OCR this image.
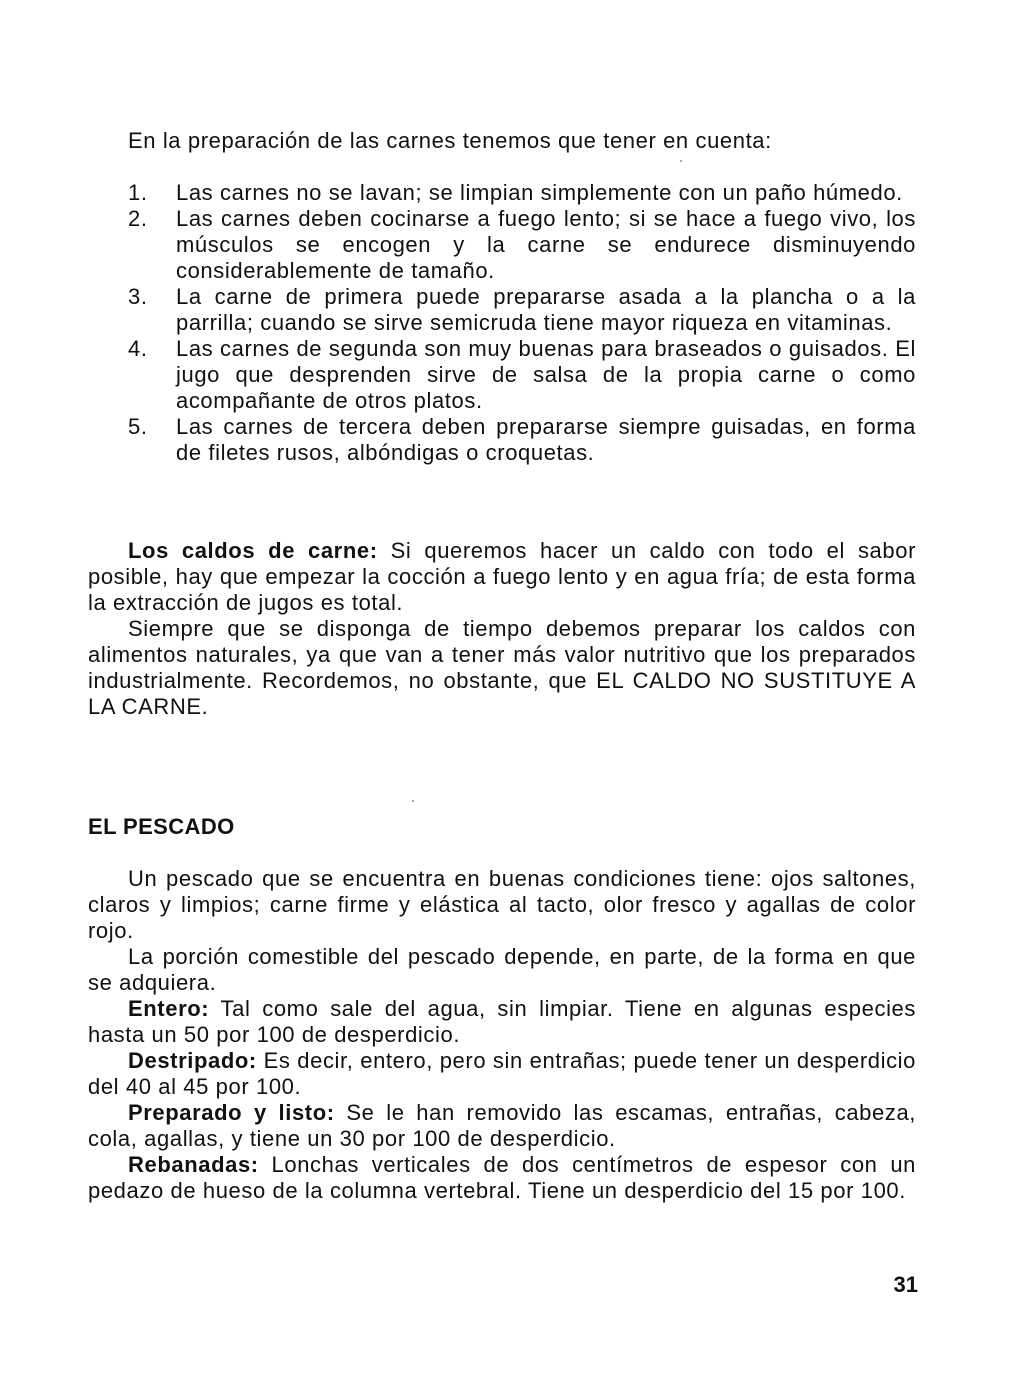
En la preparación de las carnes tenemos que tener en cuenta:
1. Las carnes no se lavan; se limpian simplemente con un paño húmedo.
2. Las carnes deben cocinarse a fuego lento; si se hace a fuego vivo, los músculos se encogen y la carne se endurece disminuyendo considerablemente de tamaño.
3. La carne de primera puede prepararse asada a la plancha o a la parrilla; cuando se sirve semicruda tiene mayor riqueza en vitaminas.
4. Las carnes de segunda son muy buenas para braseados o guisados. El jugo que desprenden sirve de salsa de la propia carne o como acompañante de otros platos.
5. Las carnes de tercera deben prepararse siempre guisadas, en forma de filetes rusos, albóndigas o croquetas.

Los caldos de carne: Si queremos hacer un caldo con todo el sabor posible, hay que empezar la cocción a fuego lento y en agua fría; de esta forma la extracción de jugos es total.

Siempre que se disponga de tiempo debemos preparar los caldos con alimentos naturales, ya que van a tener más valor nutritivo que los preparados industrialmente. Recordemos, no obstante, que EL CALDO NO SUSTITUYE A LA CARNE.

EL PESCADO

Un pescado que se encuentra en buenas condiciones tiene: ojos saltones, claros y limpios; carne firme y elástica al tacto, olor fresco y agallas de color rojo.

La porción comestible del pescado depende, en parte, de la forma en que se adquiera.

Entero: Tal como sale del agua, sin limpiar. Tiene en algunas especies hasta un 50 por 100 de desperdicio.

Destripado: Es decir, entero, pero sin entrañas; puede tener un desperdicio del 40 al 45 por 100.

Preparado y listo: Se le han removido las escamas, entrañas, cabeza, cola, agallas, y tiene un 30 por 100 de desperdicio.

Rebanadas: Lonchas verticales de dos centímetros de espesor con un pedazo de hueso de la columna vertebral. Tiene un desperdicio del 15 por 100.

31
